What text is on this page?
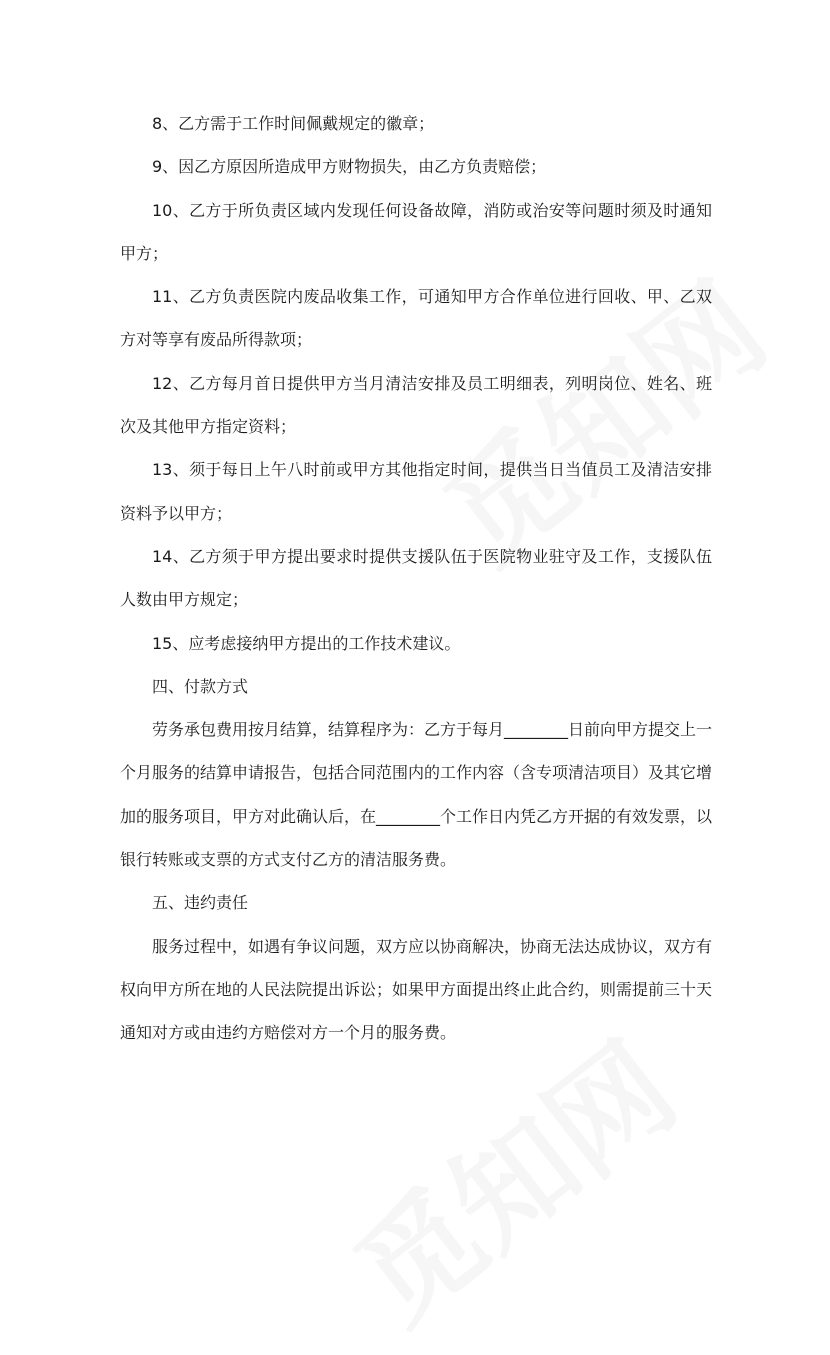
8、乙方需于工作时间佩戴规定的徽章；

9、因乙方原因所造成甲方财物损失，由乙方负责赔偿；

10、乙方于所负责区域内发现任何设备故障，消防或治安等问题时须及时通知甲方；

11、乙方负责医院内废品收集工作，可通知甲方合作单位进行回收、甲、乙双方对等享有废品所得款项；

12、乙方每月首日提供甲方当月清洁安排及员工明细表，列明岗位、姓名、班次及其他甲方指定资料；

13、须于每日上午八时前或甲方其他指定时间，提供当日当值员工及清洁安排资料予以甲方；

14、乙方须于甲方提出要求时提供支援队伍于医院物业驻守及工作，支援队伍人数由甲方规定；

15、应考虑接纳甲方提出的工作技术建议。

四、付款方式

劳务承包费用按月结算，结算程序为：乙方于每月________日前向甲方提交上一个月服务的结算申请报告，包括合同范围内的工作内容（含专项清洁项目）及其它增加的服务项目，甲方对此确认后，在________个工作日内凭乙方开据的有效发票，以银行转账或支票的方式支付乙方的清洁服务费。

五、违约责任

服务过程中，如遇有争议问题，双方应以协商解决，协商无法达成协议，双方有权向甲方所在地的人民法院提出诉讼；如果甲方面提出终止此合约，则需提前三十天通知对方或由违约方赔偿对方一个月的服务费。
